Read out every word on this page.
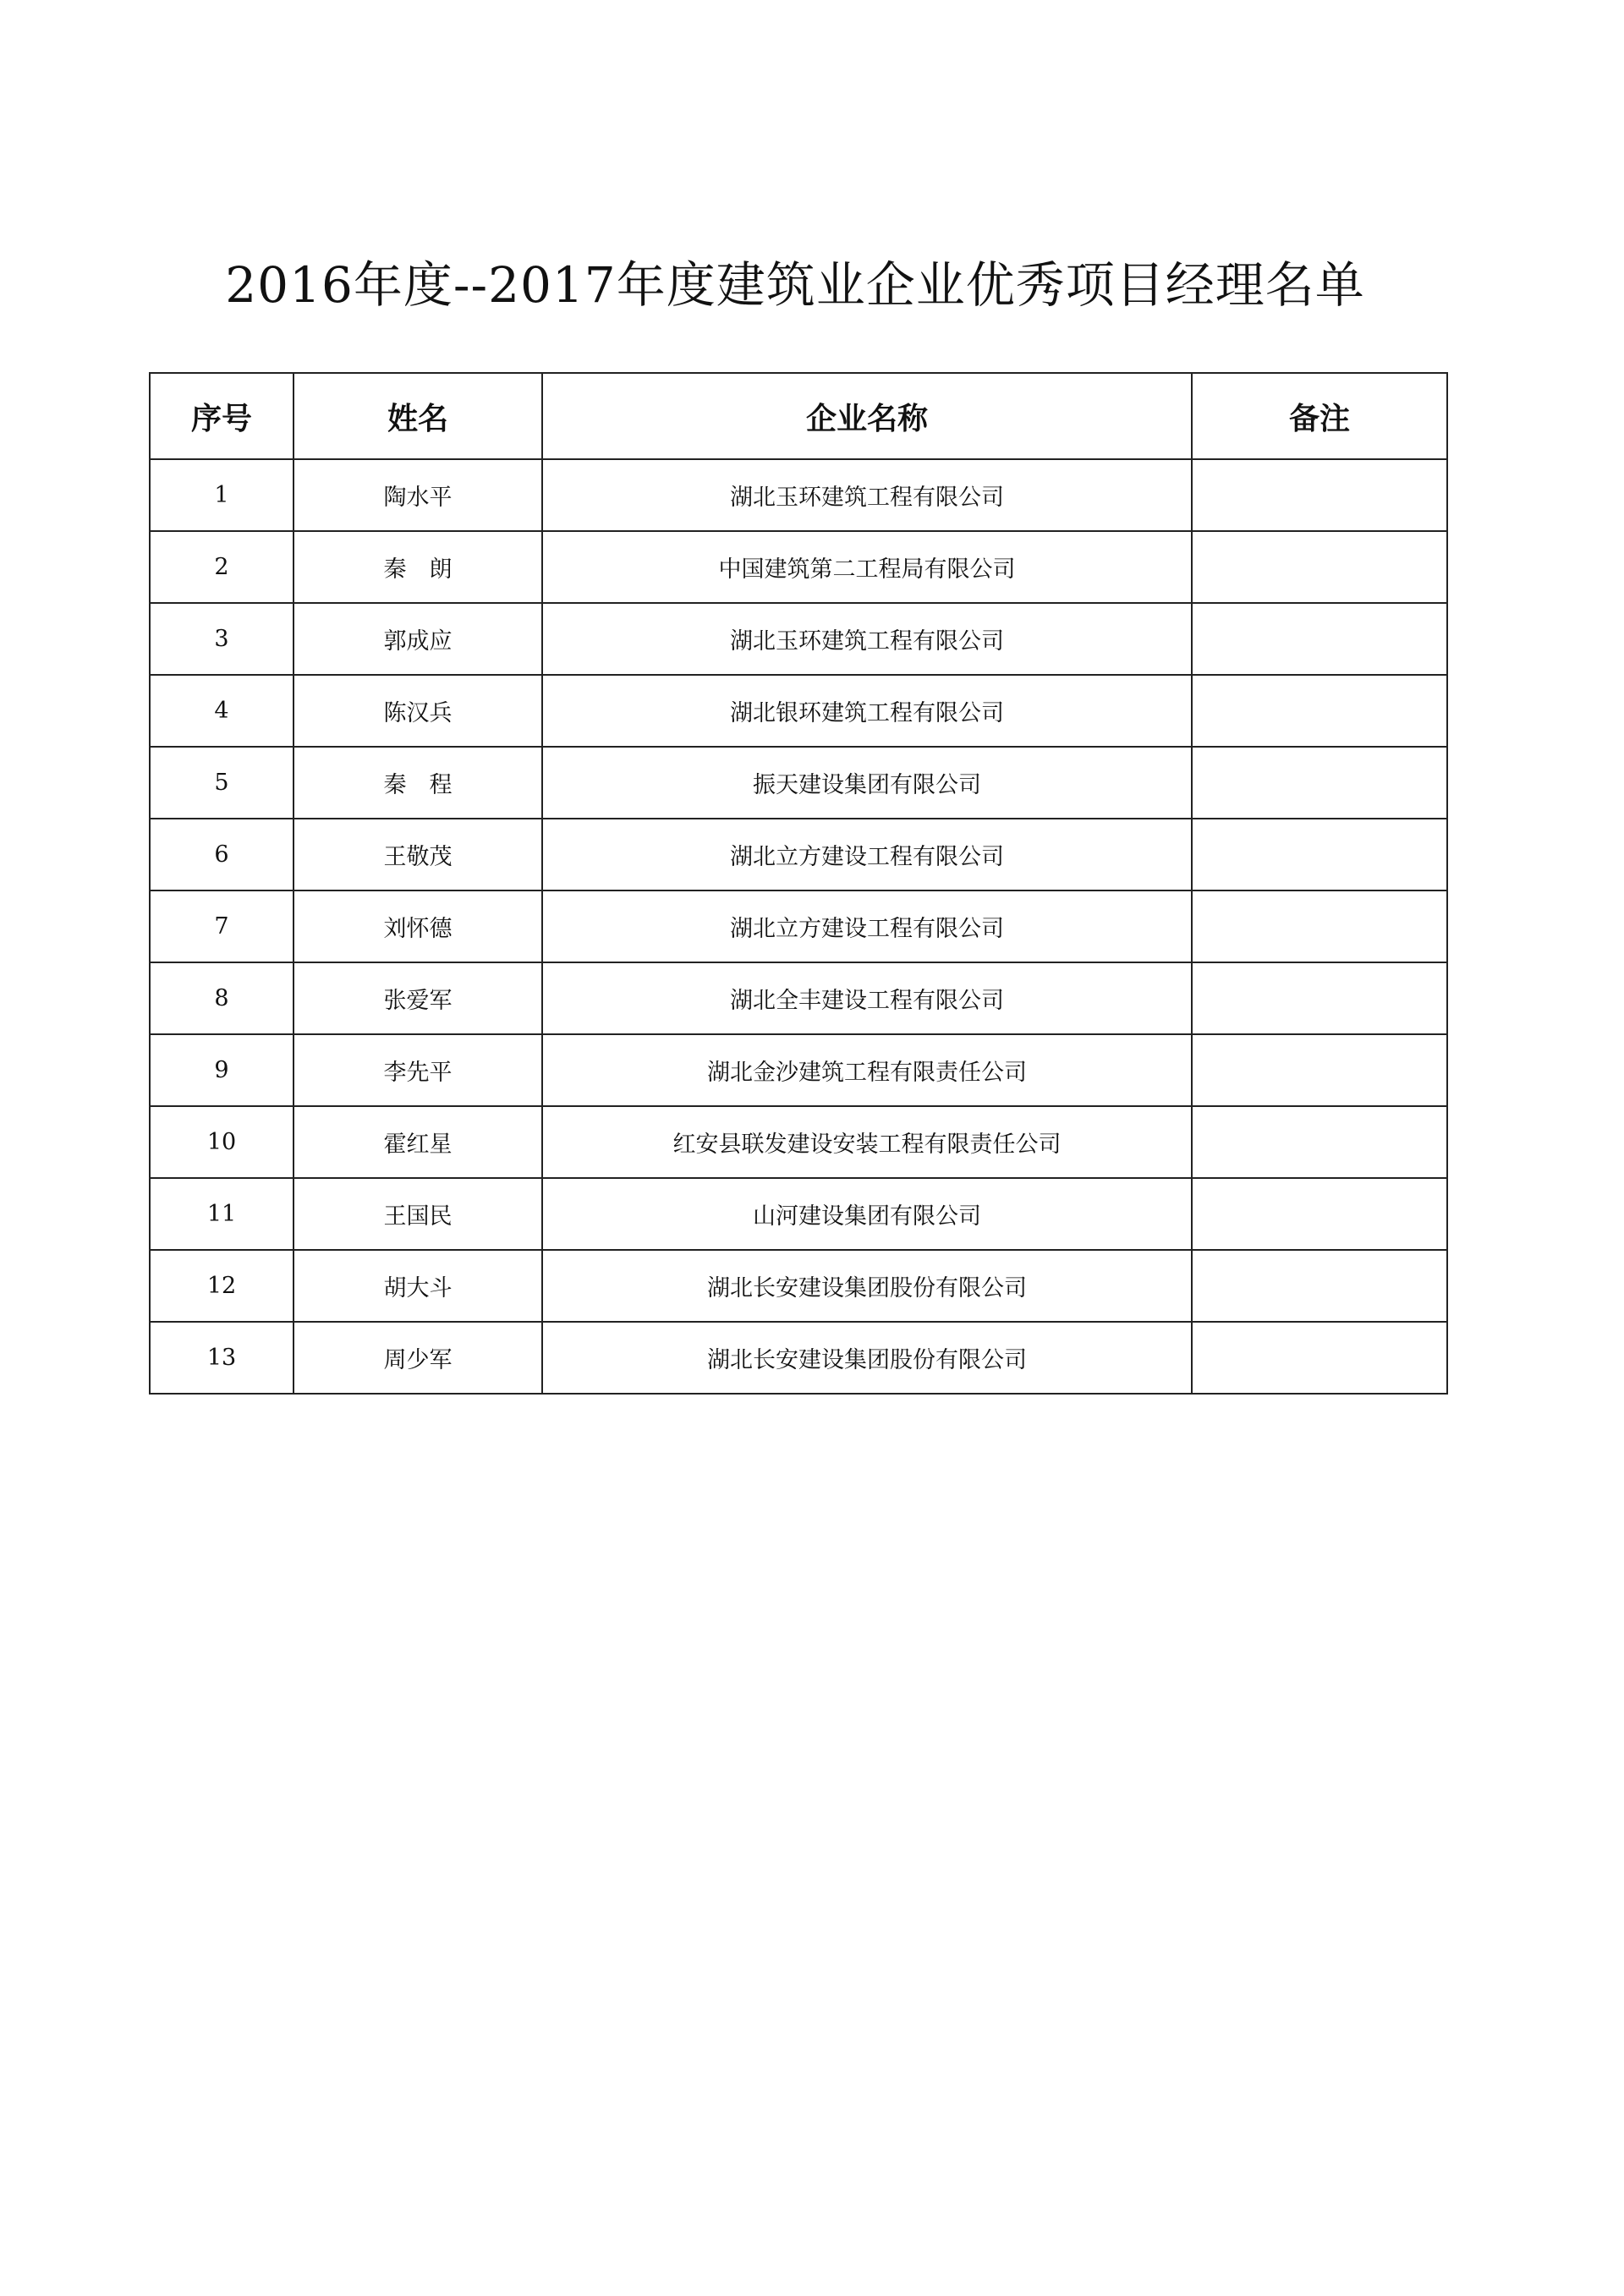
2016年度--2017年度建筑业企业优秀项目经理名单
序号	姓名	企业名称	备注
1	陶水平	湖北玉环建筑工程有限公司	
2	秦　朗	中国建筑第二工程局有限公司	
3	郭成应	湖北玉环建筑工程有限公司	
4	陈汉兵	湖北银环建筑工程有限公司	
5	秦　程	振天建设集团有限公司	
6	王敬茂	湖北立方建设工程有限公司	
7	刘怀德	湖北立方建设工程有限公司	
8	张爱军	湖北全丰建设工程有限公司	
9	李先平	湖北金沙建筑工程有限责任公司	
10	霍红星	红安县联发建设安装工程有限责任公司	
11	王国民	山河建设集团有限公司	
12	胡大斗	湖北长安建设集团股份有限公司	
13	周少军	湖北长安建设集团股份有限公司	
